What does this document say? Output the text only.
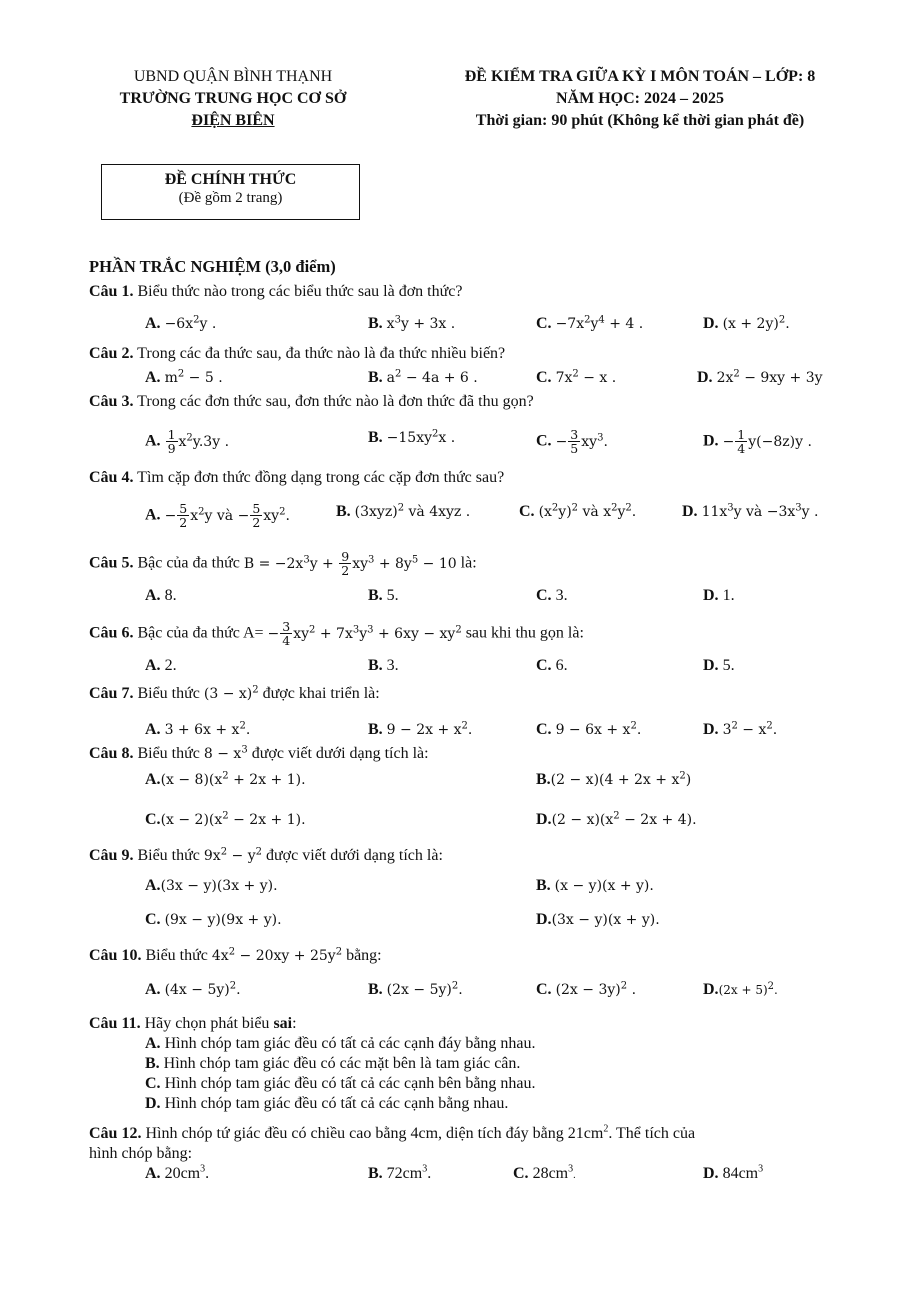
UBND QUẬN BÌNH THẠNH
TRƯỜNG TRUNG HỌC CƠ SỞ
ĐIỆN BIÊN
ĐỀ KIỂM TRA GIỮA KỲ I MÔN TOÁN – LỚP: 8
NĂM HỌC: 2024 – 2025
Thời gian: 90 phút (Không kể thời gian phát đề)
ĐỀ CHÍNH THỨC
(Đề gồm 2 trang)
PHẦN TRẮC NGHIỆM (3,0 điểm)
Câu 1. Biểu thức nào trong các biểu thức sau là đơn thức?
A. $-6x^2y$ .	B. $x^3y + 3x$ .	C. $-7x^2y^4 + 4$ .	D. $(x + 2y)^2$.
Câu 2. Trong các đa thức sau, đa thức nào là đa thức nhiều biến?
A. $m^2 - 5$ .	B. $a^2 - 4a + 6$ .	C. $7x^2 - x$ .	D. $2x^2 - 9xy + 3y$
Câu 3. Trong các đơn thức sau, đơn thức nào là đơn thức đã thu gọn?
A. $\frac{1}{9} x^2y.3y$ .	B. $-15xy^2x$ .	C. − $\frac{3}{5} xy^3$.	D. − $\frac{1}{4} y(-8z)y$ .
Câu 4. Tìm cặp đơn thức đồng dạng trong các cặp đơn thức sau?
A. − $\frac{5}{2} x^2y$ và − $\frac{5}{2} xy^2$.	B. $(3xyz)^2$ và 4xyz .	C. $(x^2y)^2$ và $x^2y^2$.	D. $11x^3y$ và $-3x^3y$ .
Câu 5. Bậc của đa thức $B = -2x^3y + \frac{9}{2} xy^3 + 8y^5 - 10$ là:
A. 8.	B. 5.	C. 3.	D. 1.
Câu 6. Bậc của đa thức $A= - \frac{3}{4} xy^2 + 7x^3y^3 + 6xy - xy^2$ sau khi thu gọn là:
A. 2.	B. 3.	C. 6.	D. 5.
Câu 7. Biểu thức $(3 - x)^2$ được khai triển là:
A. $3 + 6x + x^2$.	B. $9 - 2x + x^2$.	C. $9 - 6x + x^2$.	D. $3^2 - x^2$.
Câu 8. Biểu thức $8 - x^3$ được viết dưới dạng tích là:
$A.(x - 8)(x^2 + 2x + 1)$.	$B.(2 - x)(4 + 2x + x^2)$
$C.(x - 2)(x^2 - 2x + 1)$.	$D.(2 - x)(x^2 - 2x + 4)$.
Câu 9. Biểu thức $9x^2 - y^2$ được viết dưới dạng tích là:
A.(3x − y)(3x + y).	B. (x − y)(x + y).
C. (9x − y)(9x + y).	D.(3x − y)(x + y).
Câu 10. Biểu thức $4x^2 - 20xy + 25y^2$ bằng:
A. $(4x - 5y)^2$.	B. $(2x - 5y)^2$.	C. $(2x - 3y)^2$ .	$D.(2x + 5)^2$.
Câu 11. Hãy chọn phát biểu sai:
A. Hình chóp tam giác đều có tất cả các cạnh đáy bằng nhau.
B. Hình chóp tam giác đều có các mặt bên là tam giác cân.
C. Hình chóp tam giác đều có tất cả các cạnh bên bằng nhau.
D. Hình chóp tam giác đều có tất cả các cạnh bằng nhau.
Câu 12. Hình chóp tứ giác đều có chiều cao bằng 4cm, diện tích đáy bằng $21cm^2$. Thể tích của
hình chóp bằng:
A. $20cm^3$.	B. $72cm^3$.	C. $28cm^3$.	D. $84cm^3$
